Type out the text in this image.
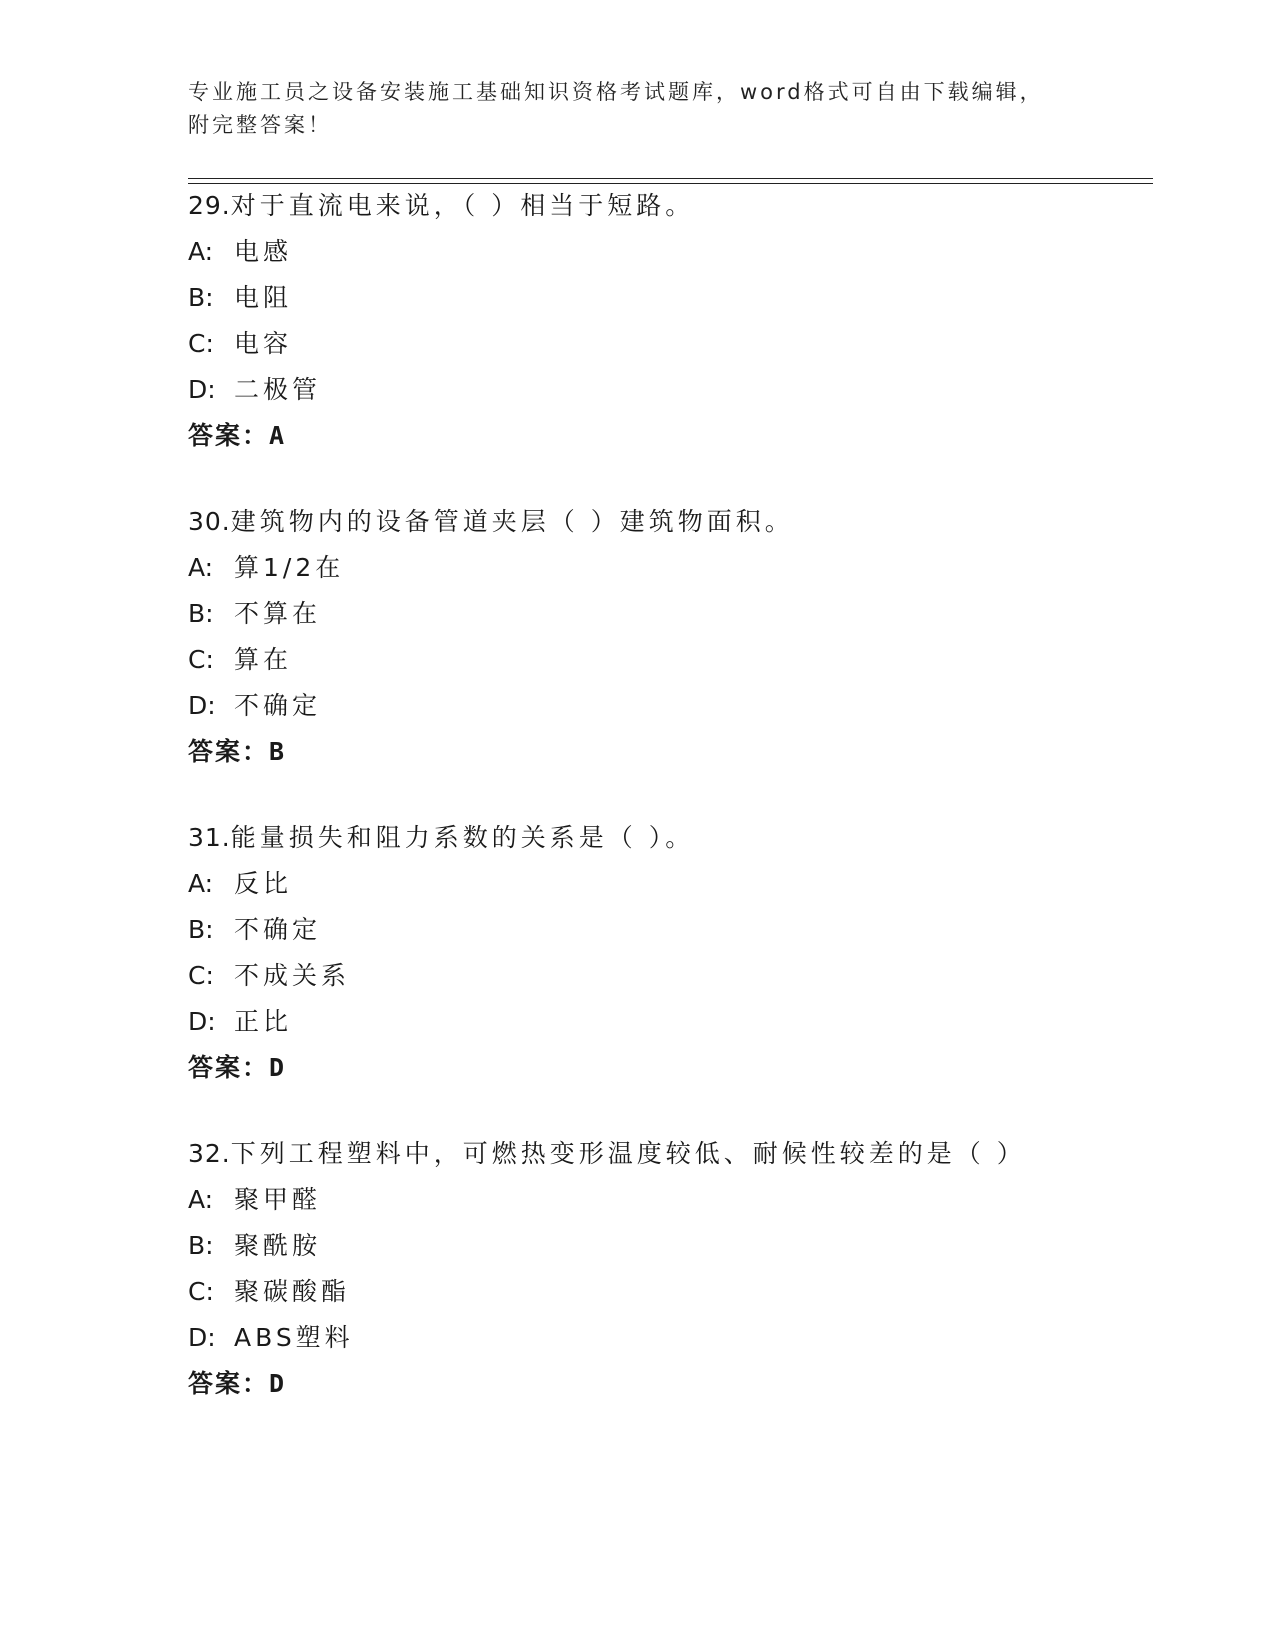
专业施工员之设备安装施工基础知识资格考试题库，word格式可自由下载编辑，
附完整答案！
29.对于直流电来说，（ ）相当于短路。
A: 电感
B: 电阻
C: 电容
D: 二极管
答案：A
30.建筑物内的设备管道夹层（ ）建筑物面积。
A: 算1/2在
B: 不算在
C: 算在
D: 不确定
答案：B
31.能量损失和阻力系数的关系是（ ）。
A: 反比
B: 不确定
C: 不成关系
D: 正比
答案：D
32.下列工程塑料中，可燃热变形温度较低、耐候性较差的是（ ）
A: 聚甲醛
B: 聚酰胺
C: 聚碳酸酯
D: ABS塑料
答案：D
